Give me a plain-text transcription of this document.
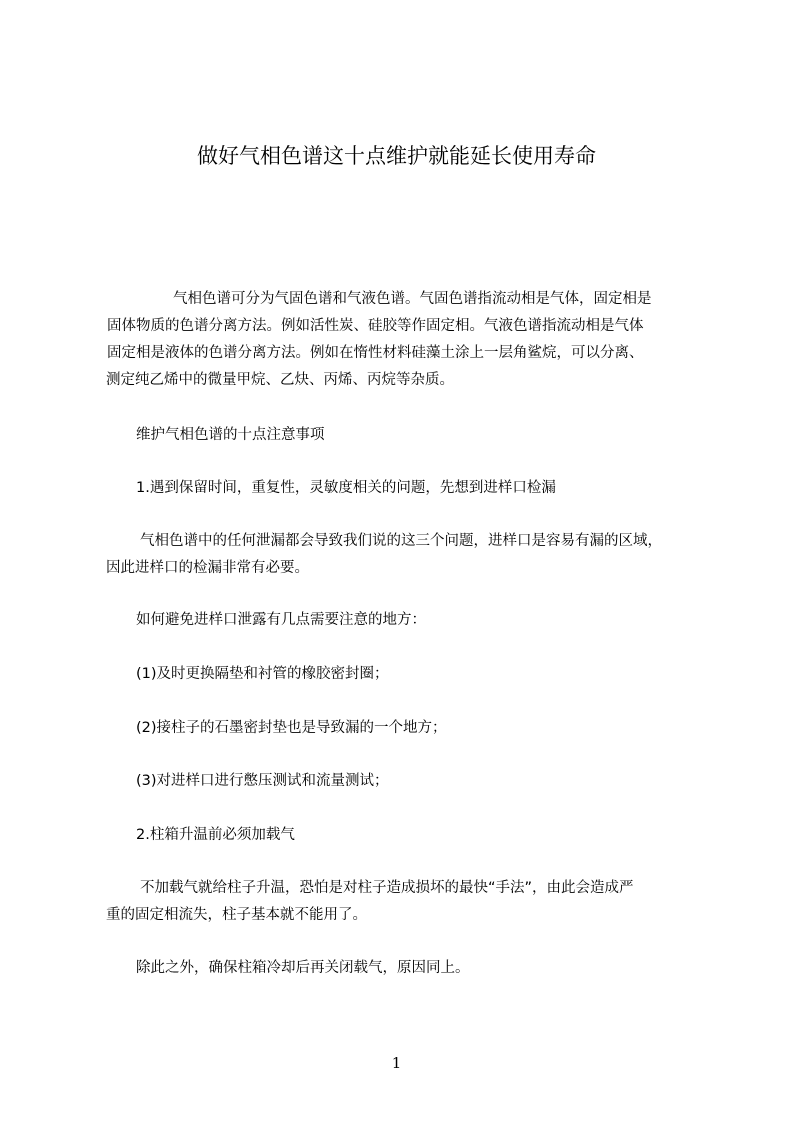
做好气相色谱这十点维护就能延长使用寿命
气相色谱可分为气固色谱和气液色谱。气固色谱指流动相是气体，固定相是
固体物质的色谱分离方法。例如活性炭、硅胶等作固定相。气液色谱指流动相是气体
固定相是液体的色谱分离方法。例如在惰性材料硅藻土涂上一层角鲨烷，可以分离、
测定纯乙烯中的微量甲烷、乙炔、丙烯、丙烷等杂质。
维护气相色谱的十点注意事项
1.遇到保留时间，重复性，灵敏度相关的问题，先想到进样口检漏
气相色谱中的任何泄漏都会导致我们说的这三个问题，进样口是容易有漏的区域，
因此进样口的检漏非常有必要。
如何避免进样口泄露有几点需要注意的地方：
(1)及时更换隔垫和衬管的橡胶密封圈；
(2)接柱子的石墨密封垫也是导致漏的一个地方；
(3)对进样口进行憋压测试和流量测试；
2.柱箱升温前必须加载气
不加载气就给柱子升温，恐怕是对柱子造成损坏的最快“手法”，由此会造成严
重的固定相流失，柱子基本就不能用了。
除此之外，确保柱箱冷却后再关闭载气，原因同上。
1
